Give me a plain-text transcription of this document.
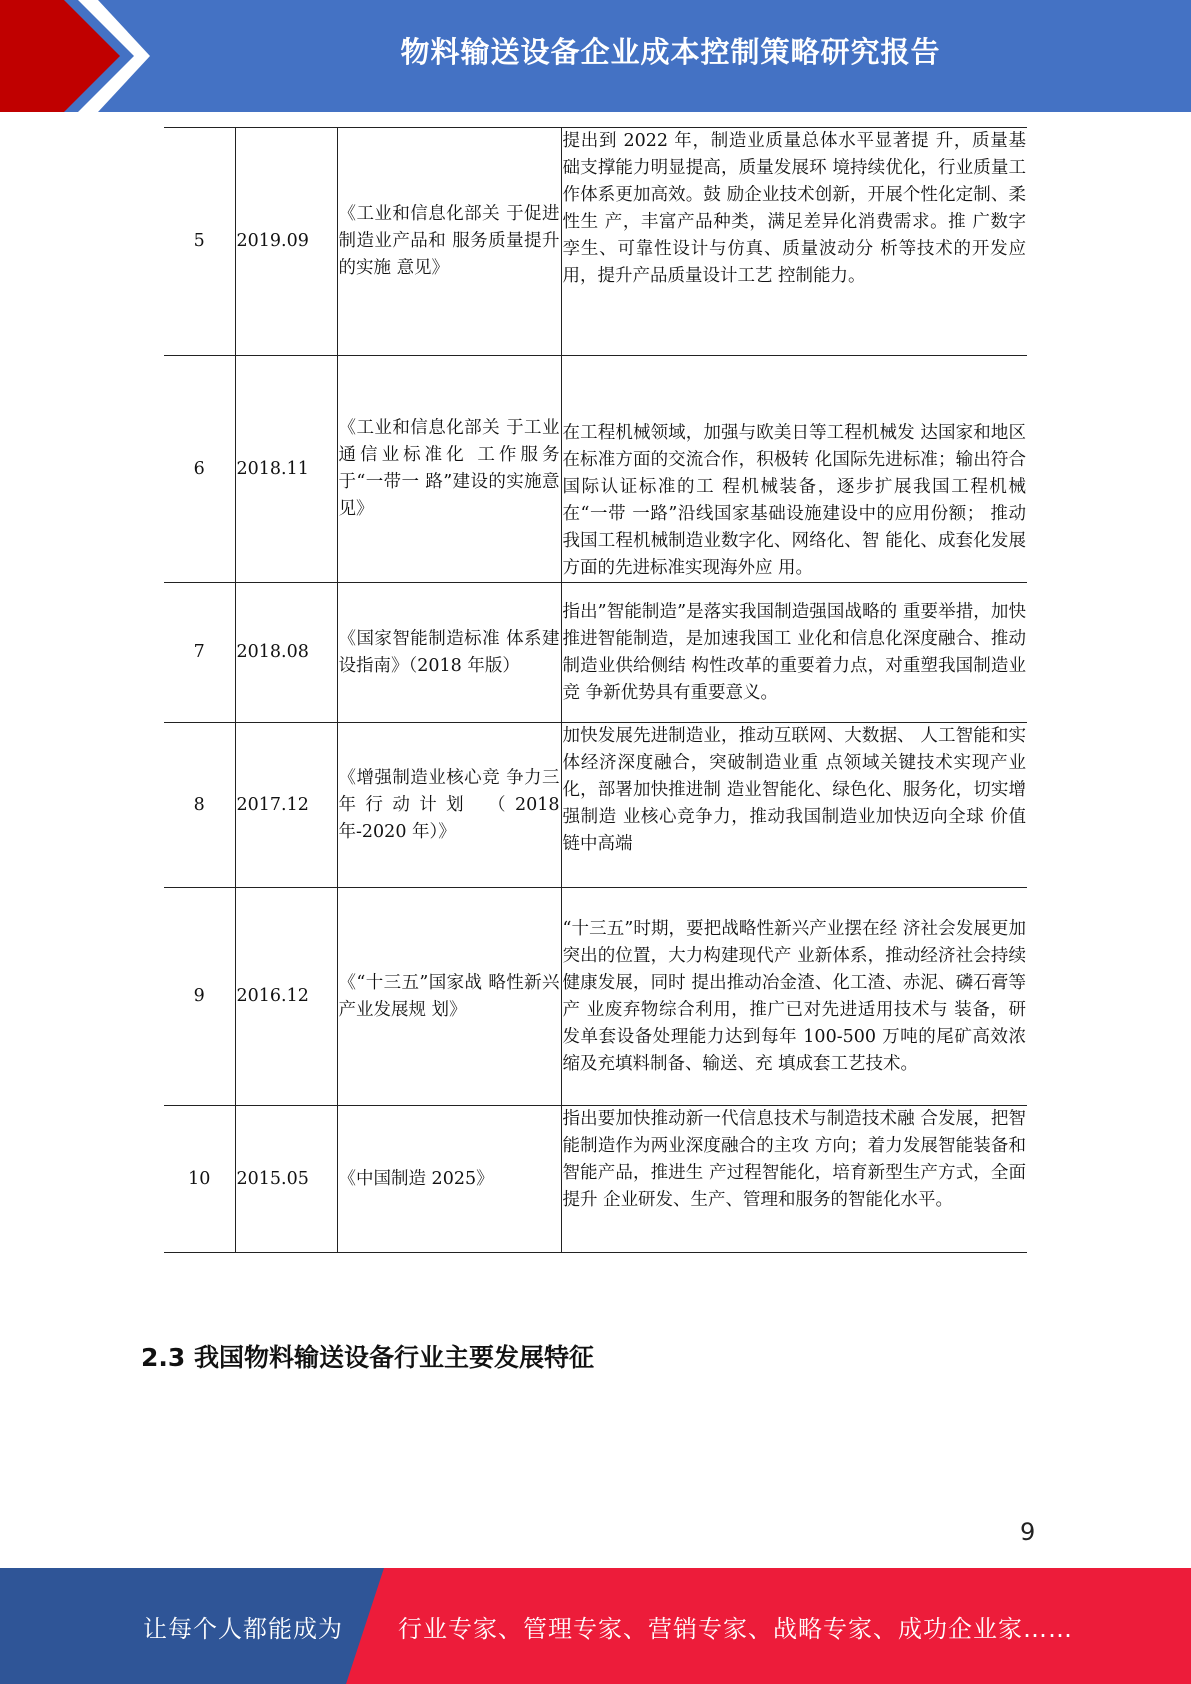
物料输送设备企业成本控制策略研究报告
5	2019.09	《工业和信息化部关 于促进制造业产品和 服务质量提升的实施 意见》	提出到 2022 年，制造业质量总体水平显著提 升，质量基础支撑能力明显提高，质量发展环 境持续优化，行业质量工作体系更加高效。鼓 励企业技术创新，开展个性化定制、柔性生 产，丰富产品种类，满足差异化消费需求。推 广数字孪生、可靠性设计与仿真、质量波动分 析等技术的开发应用，提升产品质量设计工艺 控制能力。
6	2018.11	《工业和信息化部关 于工业通信业标准化 工作服务于“一带一 路”建设的实施意 见》	在工程机械领域，加强与欧美日等工程机械发 达国家和地区在标准方面的交流合作，积极转 化国际先进标准；输出符合国际认证标准的工 程机械装备，逐步扩展我国工程机械在“一带 一路”沿线国家基础设施建设中的应用份额； 推动我国工程机械制造业数字化、网络化、智 能化、成套化发展方面的先进标准实现海外应 用。
7	2018.08	《国家智能制造标准 体系建设指南》（2018 年版）	指出”智能制造”是落实我国制造强国战略的 重要举措，加快推进智能制造，是加速我国工 业化和信息化深度融合、推动制造业供给侧结 构性改革的重要着力点，对重塑我国制造业竞 争新优势具有重要意义。
8	2017.12	《增强制造业核心竞 争力三年行动计划 （2018 年-2020 年）》	加快发展先进制造业，推动互联网、大数据、 人工智能和实体经济深度融合，突破制造业重 点领域关键技术实现产业化，部署加快推进制 造业智能化、绿色化、服务化，切实增强制造 业核心竞争力，推动我国制造业加快迈向全球 价值链中高端
9	2016.12	《“十三五”国家战 略性新兴产业发展规 划》	“十三五”时期，要把战略性新兴产业摆在经 济社会发展更加突出的位置，大力构建现代产 业新体系，推动经济社会持续健康发展，同时 提出推动冶金渣、化工渣、赤泥、磷石膏等产 业废弃物综合利用，推广已对先进适用技术与 装备，研发单套设备处理能力达到每年 100-500 万吨的尾矿高效浓缩及充填料制备、输送、充 填成套工艺技术。
10	2015.05	《中国制造 2025》	指出要加快推动新一代信息技术与制造技术融 合发展，把智能制造作为两业深度融合的主攻 方向；着力发展智能装备和智能产品，推进生 产过程智能化，培育新型生产方式，全面提升 企业研发、生产、管理和服务的智能化水平。
2.3 我国物料输送设备行业主要发展特征
9
让每个人都能成为 行业专家、管理专家、营销专家、战略专家、成功企业家……
